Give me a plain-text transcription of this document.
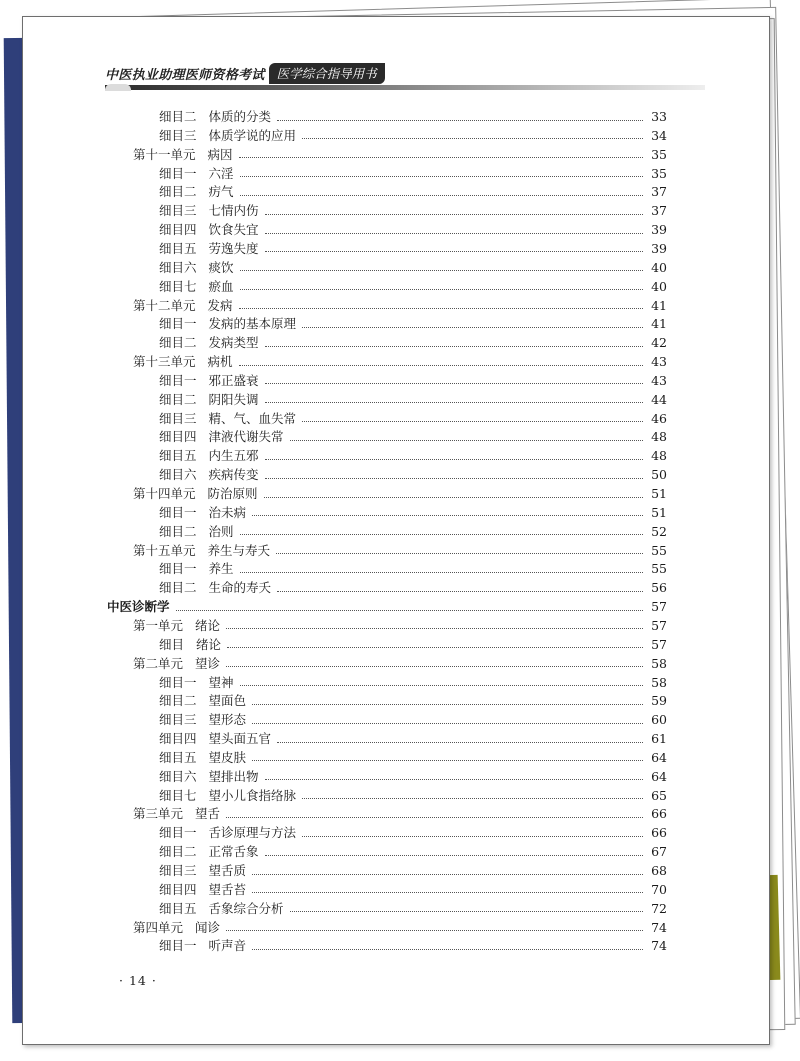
中医执业助理医师资格考试 医学综合指导用书
细目二 体质的分类	33
细目三 体质学说的应用	34
第十一单元 病因	35
细目一 六淫	35
细目二 疠气	37
细目三 七情内伤	37
细目四 饮食失宜	39
细目五 劳逸失度	39
细目六 痰饮	40
细目七 瘀血	40
第十二单元 发病	41
细目一 发病的基本原理	41
细目二 发病类型	42
第十三单元 病机	43
细目一 邪正盛衰	43
细目二 阴阳失调	44
细目三 精、气、血失常	46
细目四 津液代谢失常	48
细目五 内生五邪	48
细目六 疾病传变	50
第十四单元 防治原则	51
细目一 治未病	51
细目二 治则	52
第十五单元 养生与寿夭	55
细目一 养生	55
细目二 生命的寿夭	56
中医诊断学	57
第一单元 绪论	57
细目 绪论	57
第二单元 望诊	58
细目一 望神	58
细目二 望面色	59
细目三 望形态	60
细目四 望头面五官	61
细目五 望皮肤	64
细目六 望排出物	64
细目七 望小儿食指络脉	65
第三单元 望舌	66
细目一 舌诊原理与方法	66
细目二 正常舌象	67
细目三 望舌质	68
细目四 望舌苔	70
细目五 舌象综合分析	72
第四单元 闻诊	74
细目一 听声音	74
· 14 ·
